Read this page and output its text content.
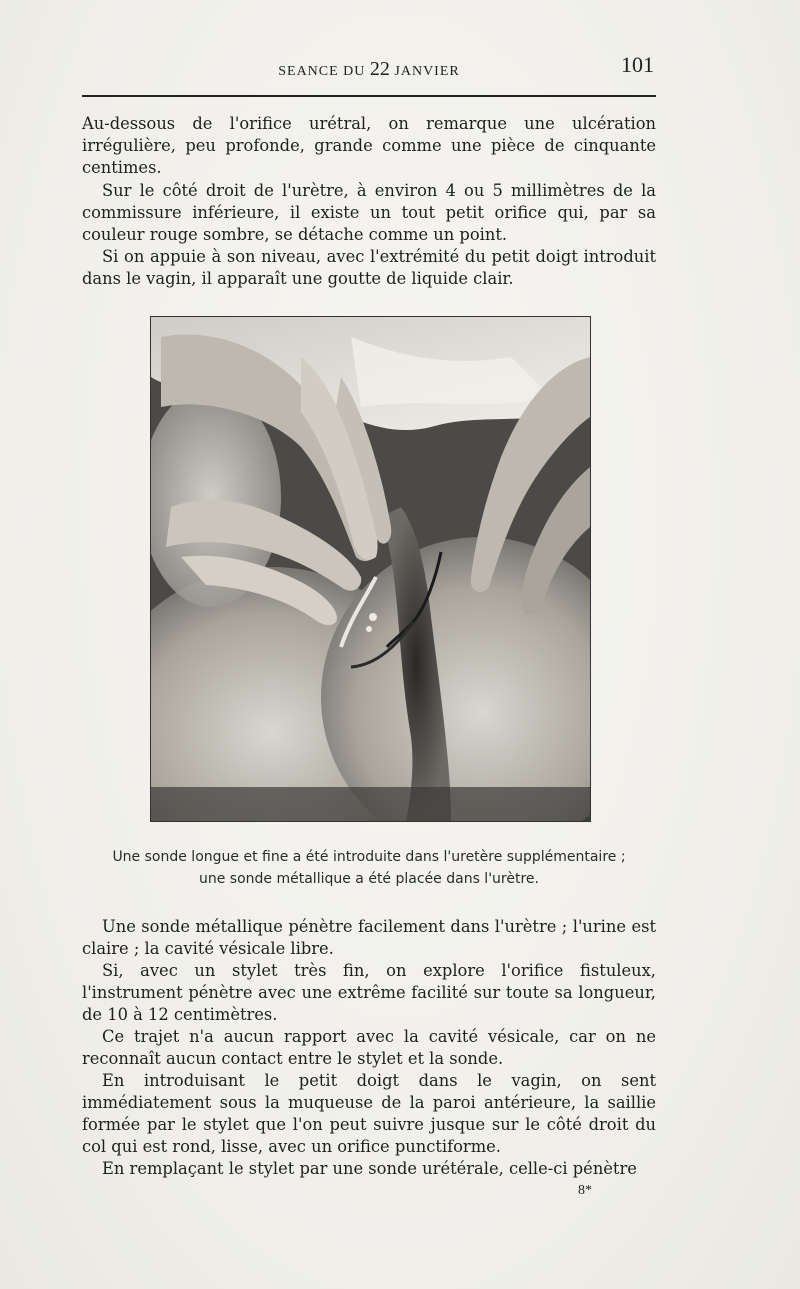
SEANCE DU 22 JANVIER	101

Au-dessous de l'orifice urétral, on remarque une ulcération irrégulière, peu profonde, grande comme une pièce de cinquante centimes.

Sur le côté droit de l'urètre, à environ 4 ou 5 millimètres de la commissure inférieure, il existe un tout petit orifice qui, par sa couleur rouge sombre, se détache comme un point.

Si on appuie à son niveau, avec l'extrémité du petit doigt introduit dans le vagin, il apparaît une goutte de liquide clair.

Une sonde longue et fine a été introduite dans l'uretère supplémentaire ;
une sonde métallique a été placée dans l'urètre.

Une sonde métallique pénètre facilement dans l'urètre ; l'urine est claire ; la cavité vésicale libre.

Si, avec un stylet très fin, on explore l'orifice fistuleux, l'instrument pénètre avec une extrême facilité sur toute sa longueur, de 10 à 12 centimètres.

Ce trajet n'a aucun rapport avec la cavité vésicale, car on ne reconnaît aucun contact entre le stylet et la sonde.

En introduisant le petit doigt dans le vagin, on sent immédiatement sous la muqueuse de la paroi antérieure, la saillie formée par le stylet que l'on peut suivre jusque sur le côté droit du col qui est rond, lisse, avec un orifice punctiforme.

En remplaçant le stylet par une sonde urétérale, celle-ci pénètre

8*
